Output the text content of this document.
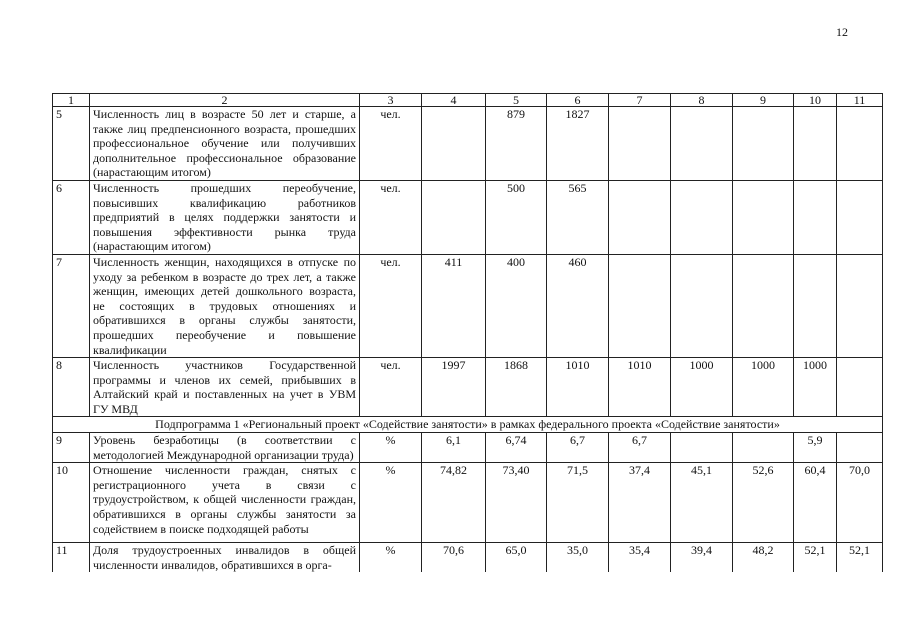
12
1	2	3	4	5	6	7	8	9	10	11
5	Численность лиц в возрасте 50 лет и старше, а также лиц предпенсионного возраста, прошедших профессиональное обучение или получивших дополнительное профессиональное образование (нарастающим итогом)	чел.		879	1827					
6	Численность прошедших переобучение, повысивших квалификацию работников предприятий в целях поддержки занятости и повышения эффективности рынка труда (нарастающим итогом)	чел.		500	565					
7	Численность женщин, находящихся в отпуске по уходу за ребенком в возрасте до трех лет, а также женщин, имеющих детей дошкольного возраста, не состоящих в трудовых отношениях и обратившихся в органы службы занятости, прошедших переобучение и повышение квалификации	чел.	411	400	460					
8	Численность участников Государственной программы и членов их семей, прибывших в Алтайский край и поставленных на учет в УВМ ГУ МВД	чел.	1997	1868	1010	1010	1000	1000	1000	
Подпрограмма 1 «Региональный проект «Содействие занятости» в рамках федерального проекта «Содействие занятости»										
9	Уровень безработицы (в соответствии с методологией Международной организации труда)	%	6,1	6,74	6,7	6,7			5,9	
10	Отношение численности граждан, снятых с регистрационного учета в связи с трудоустройством, к общей численности граждан, обратившихся в органы службы занятости за содействием в поиске подходящей работы	%	74,82	73,40	71,5	37,4	45,1	52,6	60,4	70,0
11	Доля трудоустроенных инвалидов в общей численности инвалидов, обратившихся в орга-	%	70,6	65,0	35,0	35,4	39,4	48,2	52,1	52,1
